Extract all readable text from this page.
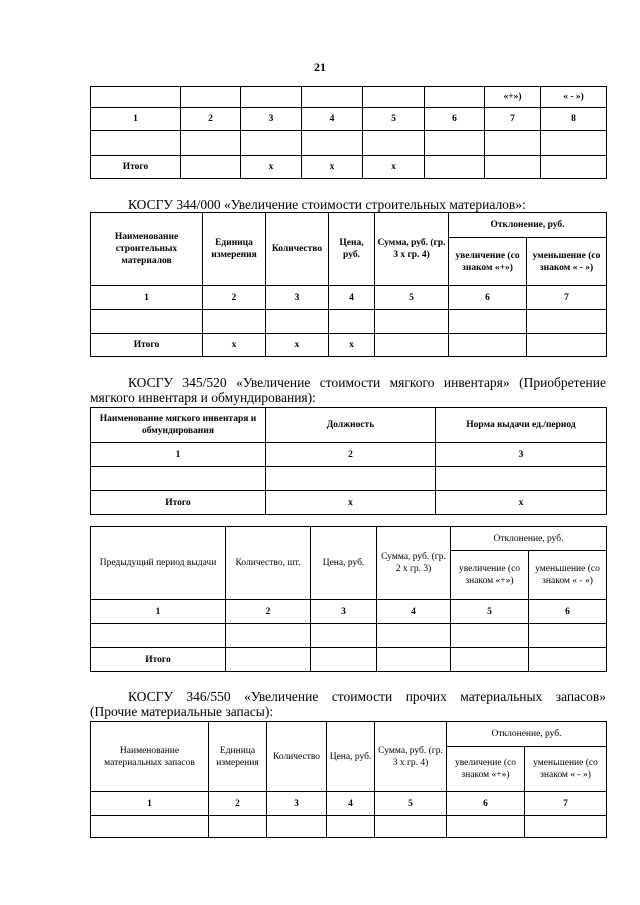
21
						«+»)	« - »)
1	2	3	4	5	6	7	8

Итого		х	х	х			
КОСГУ 344/000 «Увеличение стоимости строительных материалов»:
Наименование строительных материалов	Единица измерения	Количество	Цена, руб.	Сумма, руб. (гр. 3 х гр. 4)	Отклонение, руб.	
					увеличение (со знаком «+»)	уменьшение (со знаком « - »)
1	2	3	4	5	6	7

Итого	х	х	х			
КОСГУ 345/520 «Увеличение стоимости мягкого инвентаря» (Приобретение
мягкого инвентаря и обмундирования):
Наименование мягкого инвентаря и обмундирования	Должность	Норма выдачи ед./период
1	2	3

Итого	х	х
Предыдущий период выдачи	Количество, шт.	Цена, руб.	Сумма, руб. (гр. 2 х гр. 3)	Отклонение, руб.	
				увеличение (со знаком «+»)	уменьшение (со знаком « - »)
1	2	3	4	5	6

Итого					
КОСГУ 346/550 «Увеличение стоимости прочих материальных запасов»
(Прочие материальные запасы):
Наименование материальных запасов	Единица измерения	Количество	Цена, руб.	Сумма, руб. (гр. 3 х гр. 4)	Отклонение, руб.	
					увеличение (со знаком «+»)	уменьшение (со знаком « - »)
1	2	3	4	5	6	7
